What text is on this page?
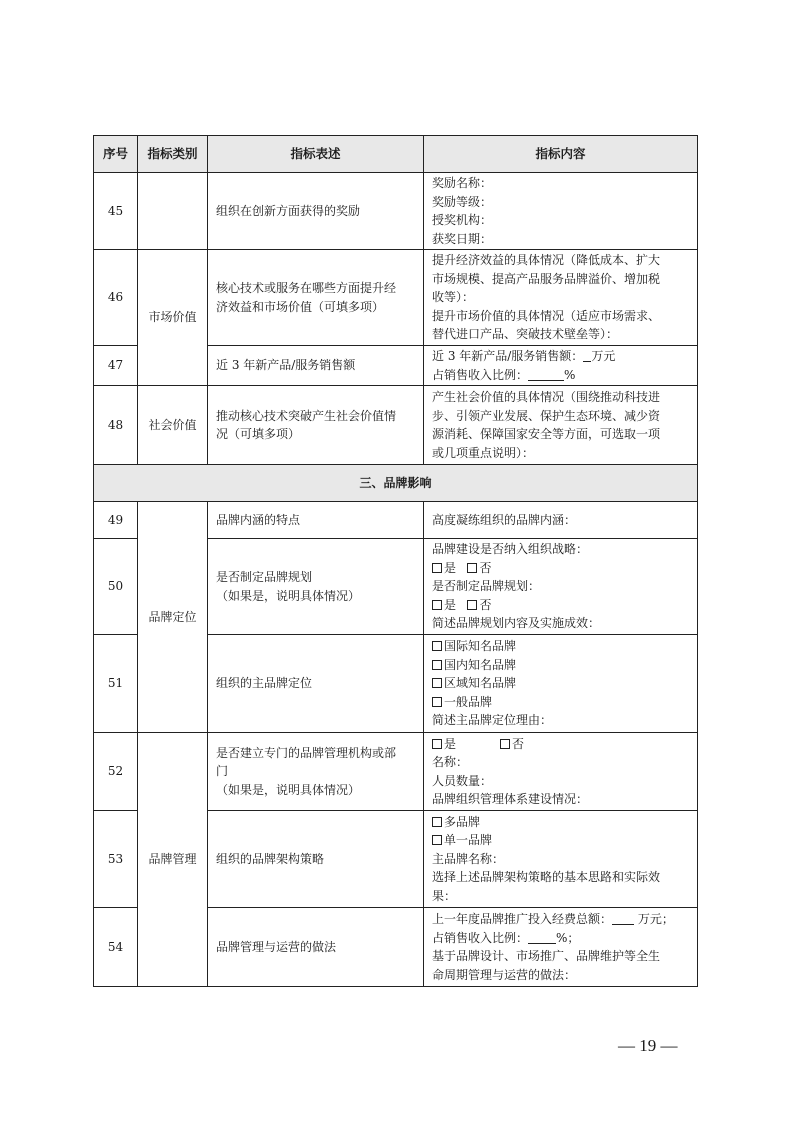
序号	指标类别	指标表述	指标内容
45		组织在创新方面获得的奖励	奖励名称：
奖励等级：
授奖机构：
获奖日期：

46	市场价值	核心技术或服务在哪些方面提升经
济效益和市场价值（可填多项）	提升经济效益的具体情况（降低成本、扩大
市场规模、提高产品服务品牌溢价、增加税
收等）：
提升市场价值的具体情况（适应市场需求、
替代进口产品、突破技术壁垒等）：

47		近 3 年新产品/服务销售额	近 3 年新产品/服务销售额： 万元
占销售收入比例： %

48	社会价值	推动核心技术突破产生社会价值情
况（可填多项）	产生社会价值的具体情况（围绕推动科技进
步、引领产业发展、保护生态环境、减少资
源消耗、保障国家安全等方面，可选取一项
或几项重点说明）：

三、品牌影响			
49	品牌定位	品牌内涵的特点	高度凝练组织的品牌内涵：
50		是否制定品牌规划
（如果是，说明具体情况）	品牌建设是否纳入组织战略：
是 否
是否制定品牌规划：
是 否
简述品牌规划内容及实施成效：

51		组织的主品牌定位	国际知名品牌
国内知名品牌
区域知名品牌
一般品牌
简述主品牌定位理由：

52	品牌管理	是否建立专门的品牌管理机构或部
门
（如果是，说明具体情况）	是 否
名称：
人员数量：
品牌组织管理体系建设情况：

53		组织的品牌架构策略	多品牌
单一品牌
主品牌名称：
选择上述品牌架构策略的基本思路和实际效
果：

54		品牌管理与运营的做法	上一年度品牌推广投入经费总额： 万元；
占销售收入比例： %；
基于品牌设计、市场推广、品牌维护等全生
命周期管理与运营的做法：
— 19 —
